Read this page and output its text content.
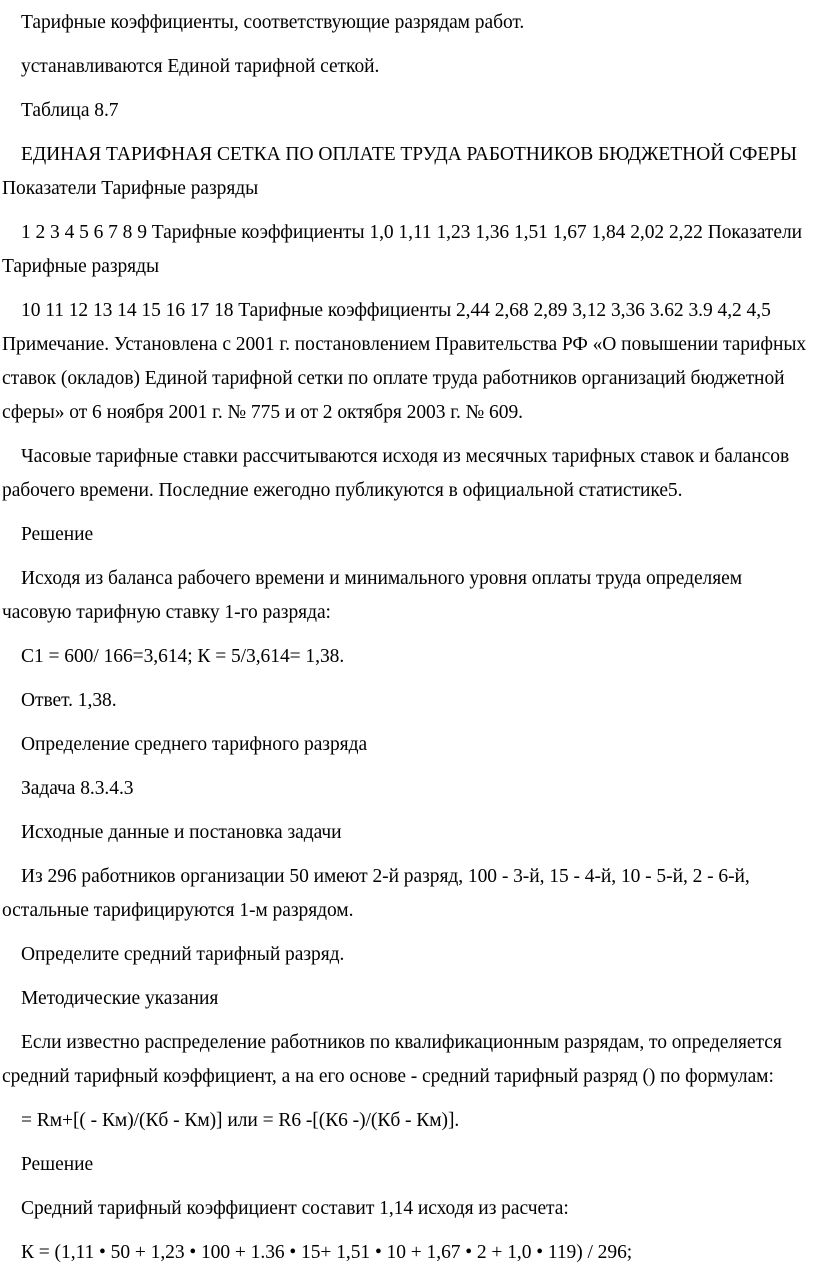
Тарифные коэффициенты, соответствующие разрядам работ.

устанавливаются Единой тарифной сеткой.

Таблица 8.7

ЕДИНАЯ ТАРИФНАЯ СЕТКА ПО ОПЛАТЕ ТРУДА РАБОТНИКОВ БЮДЖЕТНОЙ СФЕРЫ Показатели Тарифные разряды

1 2 3 4 5 6 7 8 9 Тарифные коэффициенты 1,0 1,11 1,23 1,36 1,51 1,67 1,84 2,02 2,22 Показатели Тарифные разряды

10 11 12 13 14 15 16 17 18 Тарифные коэффициенты 2,44 2,68 2,89 3,12 3,36 3.62 3.9 4,2 4,5 Примечание. Установлена с 2001 г. постановлением Правительства РФ «О повышении тарифных ставок (окладов) Единой тарифной сетки по оплате труда работников организаций бюджетной сферы» от 6 ноября 2001 г. № 775 и от 2 октября 2003 г. № 609.

Часовые тарифные ставки рассчитываются исходя из месячных тарифных ставок и балансов рабочего времени. Последние ежегодно публикуются в официальной статистике5.

Решение

Исходя из баланса рабочего времени и минимального уровня оплаты труда определяем часовую тарифную ставку 1-го разряда:

С1 = 600/ 166=3,614; К = 5/3,614= 1,38.

Ответ. 1,38.

Определение среднего тарифного разряда

Задача 8.3.4.3

Исходные данные и постановка задачи

Из 296 работников организации 50 имеют 2-й разряд, 100 - 3-й, 15 - 4-й, 10 - 5-й, 2 - 6-й, остальные тарифицируются 1-м разрядом.

Определите средний тарифный разряд.

Методические указания

Если известно распределение работников по квалификационным разрядам, то определяется средний тарифный коэффициент, а на его основе - средний тарифный разряд () по формулам:

= Rм+[( - Км)/(Кб - Км)] или = R6 -[(К6 -)/(Кб - Км)].

Решение

Средний тарифный коэффициент составит 1,14 исходя из расчета:

К = (1,11 • 50 + 1,23 • 100 + 1.36 • 15+ 1,51 • 10 + 1,67 • 2 + 1,0 • 119) / 296;
